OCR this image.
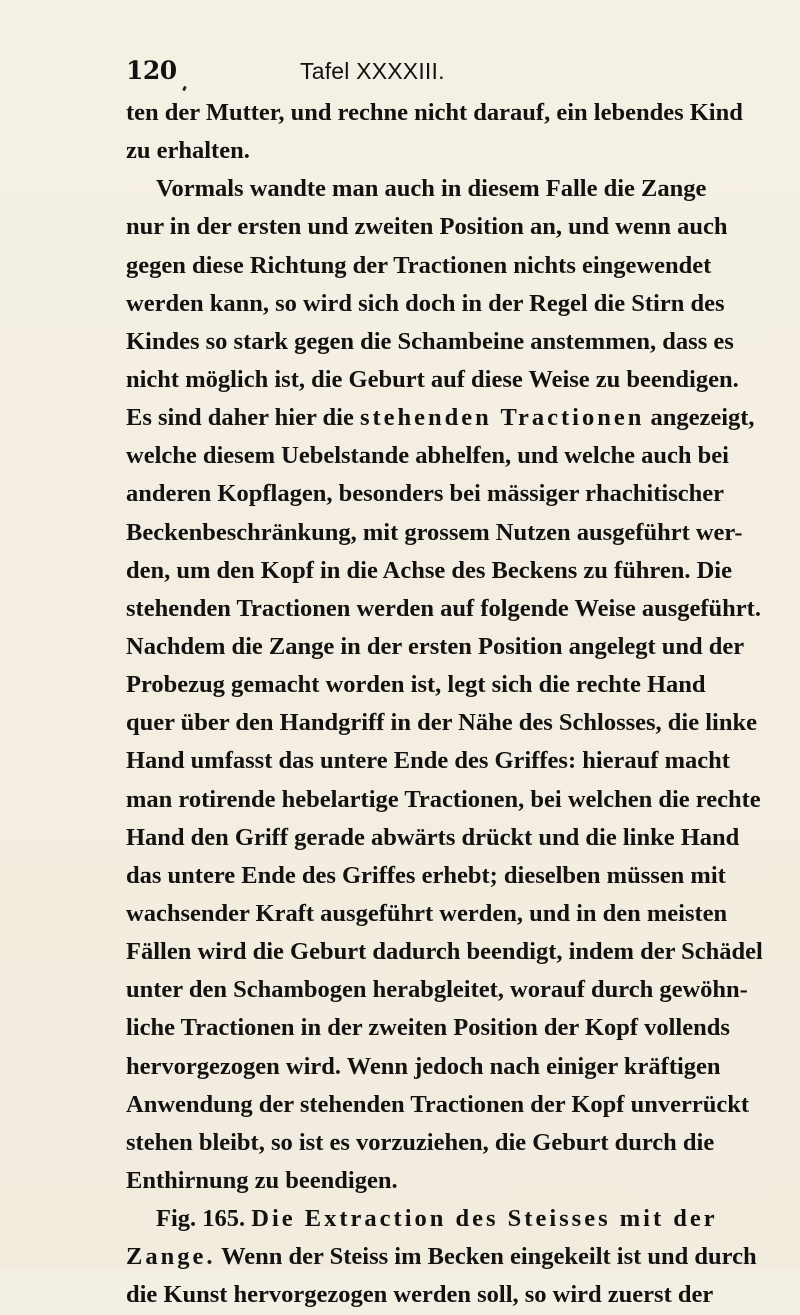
120	Tafel XXXXIII.
ten der Mutter, und rechne nicht darauf, ein lebendes Kind
zu erhalten.
Vormals wandte man auch in diesem Falle die Zange
nur in der ersten und zweiten Position an, und wenn auch
gegen diese Richtung der Tractionen nichts eingewendet
werden kann, so wird sich doch in der Regel die Stirn des
Kindes so stark gegen die Schambeine anstemmen, dass es
nicht möglich ist, die Geburt auf diese Weise zu beendigen.
Es sind daher hier die stehenden Tractionen angezeigt,
welche diesem Uebelstande abhelfen, und welche auch bei
anderen Kopflagen, besonders bei mässiger rhachitischer
Beckenbeschränkung, mit grossem Nutzen ausgeführt wer-
den, um den Kopf in die Achse des Beckens zu führen. Die
stehenden Tractionen werden auf folgende Weise ausgeführt.
Nachdem die Zange in der ersten Position angelegt und der
Probezug gemacht worden ist, legt sich die rechte Hand
quer über den Handgriff in der Nähe des Schlosses, die linke
Hand umfasst das untere Ende des Griffes: hierauf macht
man rotirende hebelartige Tractionen, bei welchen die rechte
Hand den Griff gerade abwärts drückt und die linke Hand
das untere Ende des Griffes erhebt; dieselben müssen mit
wachsender Kraft ausgeführt werden, und in den meisten
Fällen wird die Geburt dadurch beendigt, indem der Schädel
unter den Schambogen herabgleitet, worauf durch gewöhn-
liche Tractionen in der zweiten Position der Kopf vollends
hervorgezogen wird. Wenn jedoch nach einiger kräftigen
Anwendung der stehenden Tractionen der Kopf unverrückt
stehen bleibt, so ist es vorzuziehen, die Geburt durch die
Enthirnung zu beendigen.
Fig. 165. Die Extraction des Steisses mit der
Zange. Wenn der Steiss im Becken eingekeilt ist und durch
die Kunst hervorgezogen werden soll, so wird zuerst der
